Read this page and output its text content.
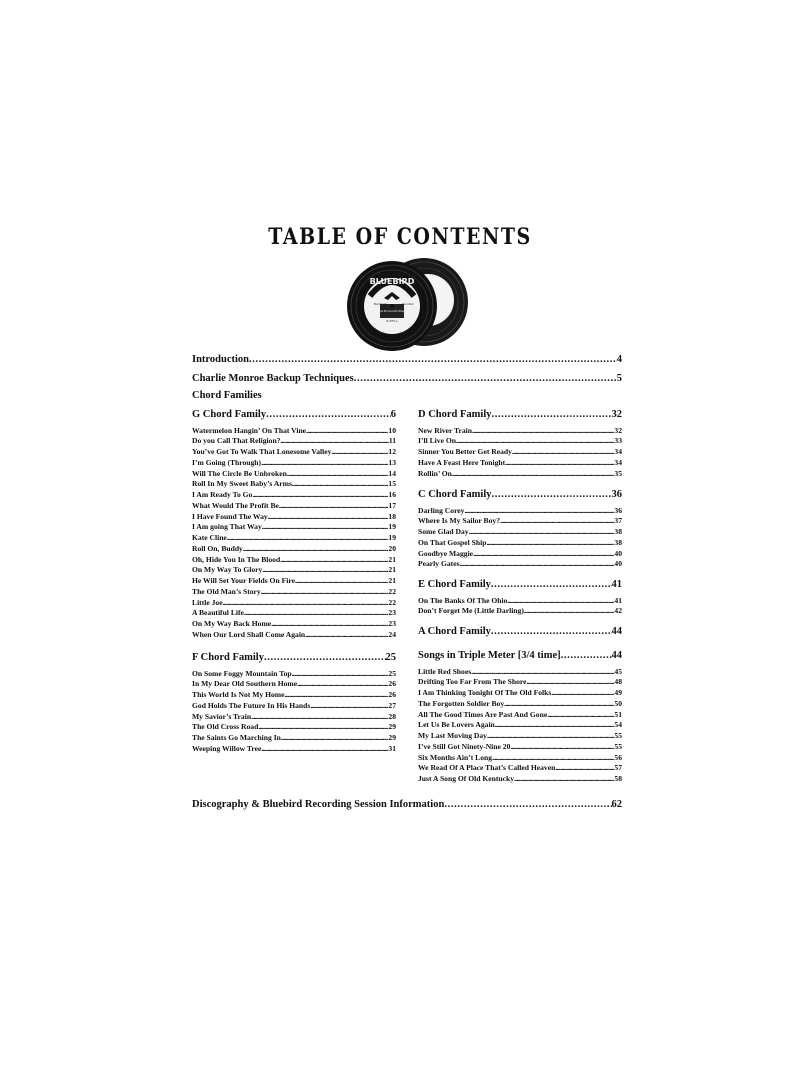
TABLE OF CONTENTS
BLUEBIRD
The Monroe Brothers
B-7055-A
Electrically	Recorded
Introduction . . .	4
Charlie Monroe Backup Techniques . . .	5
Chord Families
G Chord Family . . .	6
Watermelon Hangin’ On That Vine . . .	10
Do you Call That Religion? . . .	11
You’ve Got To Walk That Lonesome Valley . . .	12
I’m Going (Through) . . .	13
Will The Circle Be Unbroken . . .	14
Roll In My Sweet Baby’s Arms . . .	15
I Am Ready To Go . . .	16
What Would The Profit Be . . .	17
I Have Found The Way . . .	18
I Am going That Way . . .	19
Kate Cline . . .	19
Roll On, Buddy . . .	20
Oh, Hide You In The Blood . . .	21
On My Way To Glory . . .	21
He Will Set Your Fields On Fire . . .	21
The Old Man’s Story . . .	22
Little Joe . . .	22
A Beautiful Life . . .	23
On My Way Back Home . . .	23
When Our Lord Shall Come Again . . .	24
F Chord Family . . .	25
On Some Foggy Mountain Top . . .	25
In My Dear Old Southern Home . . .	26
This World Is Not My Home . . .	26
God Holds The Future In His Hands . . .	27
My Savior’s Train . . .	28
The Old Cross Road . . .	29
The Saints Go Marching In . . .	29
Weeping Willow Tree . . .	31
D Chord Family . . .	32
New River Train . . .	32
I’ll Live On . . .	33
Sinner You Better Get Ready . . .	34
Have A Feast Here Tonight . . .	34
Rollin’ On . . .	35
C Chord Family . . .	36
Darling Corey . . .	36
Where Is My Sailor Boy? . . .	37
Some Glad Day . . .	38
On That Gospel Ship . . .	38
Goodbye Maggie . . .	40
Pearly Gates . . .	40
E Chord Family . . .	41
On The Banks Of The Ohio . . .	41
Don’t Forget Me (Little Darling) . . .	42
A Chord Family . . .	44
Songs in Triple Meter [3/4 time] . . .	44
Little Red Shoes . . .	45
Drifting Too Far From The Shore . . .	48
I Am Thinking Tonight Of The Old Folks . . .	49
The Forgotten Soldier Boy . . .	50
All The Good Times Are Past And Gone . . .	51
Let Us Be Lovers Again . . .	54
My Last Moving Day . . .	55
I’ve Still Got Ninety-Nine 20 . . .	55
Six Months Ain’t Long . . .	56
We Read Of A Place That’s Called Heaven . . .	57
Just A Song Of Old Kentucky . . .	58
Discography & Bluebird Recording Session Information . . .	62
